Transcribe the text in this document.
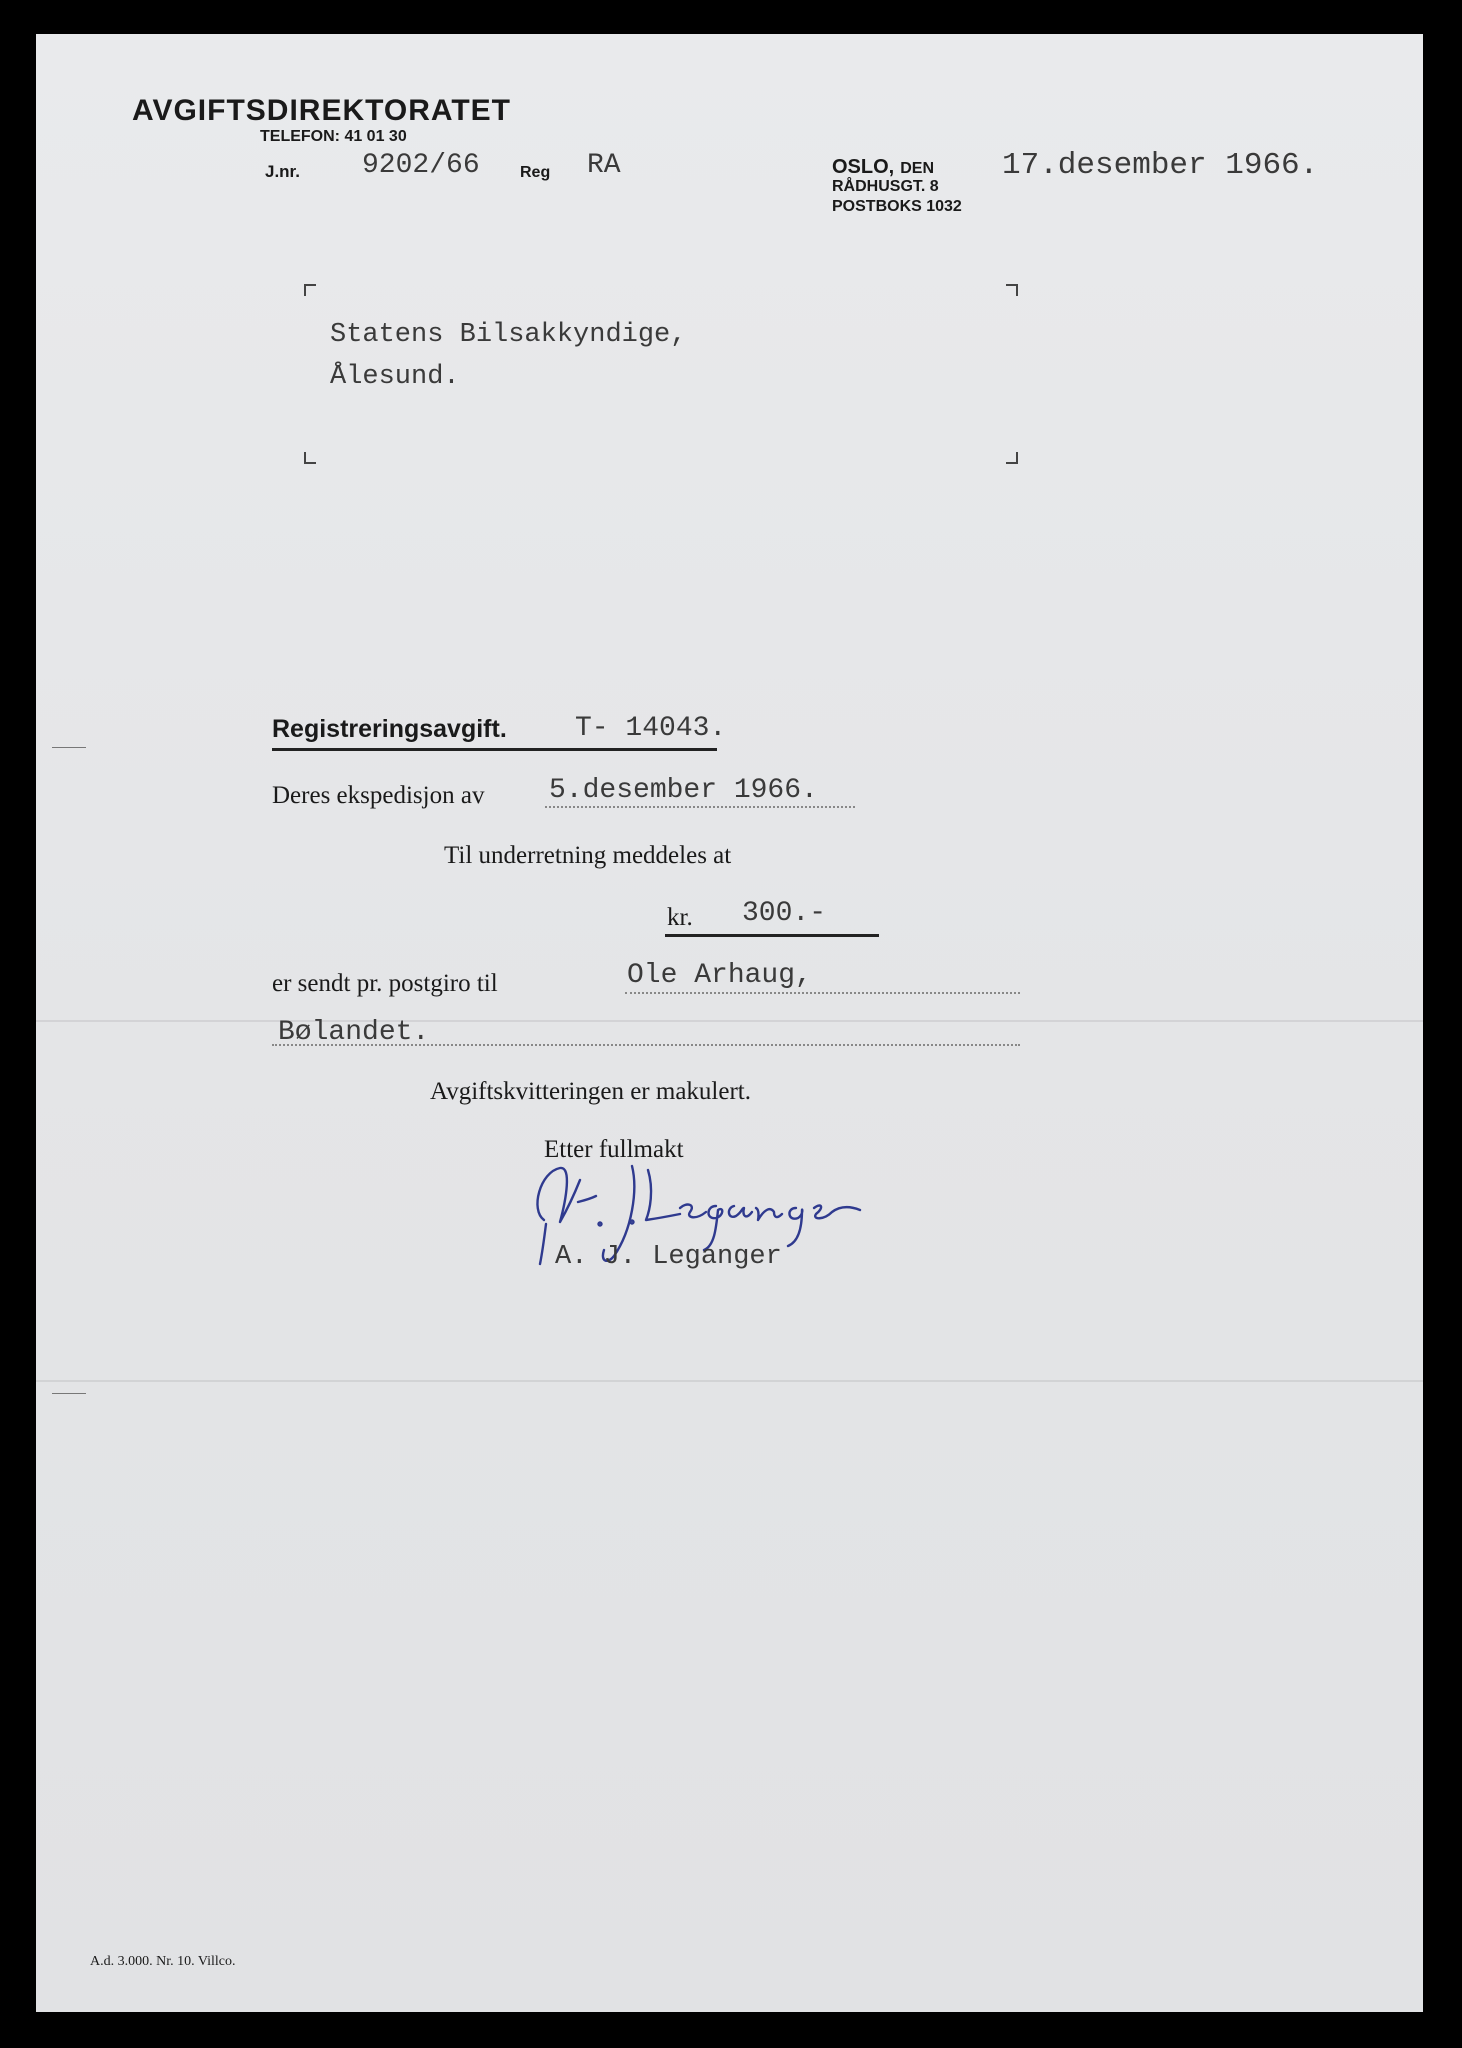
AVGIFTSDIREKTORATET
TELEFON: 41 01 30
J.nr. 9202/66	Reg RA	OSLO, DEN 17.desember 1966.
RÅDHUSGT. 8
POSTBOKS 1032
Statens Bilsakkyndige,
Ålesund.
Registreringsavgift. T- 14043.
Deres ekspedisjon av 5.desember 1966.
Til underretning meddeles at
kr. 300.-
er sendt pr. postgiro til	Ole Arhaug,
Bølandet.
Avgiftskvitteringen er makulert.
Etter fullmakt
A. J. Leganger
A.d. 3.000. Nr. 10. Villco.
